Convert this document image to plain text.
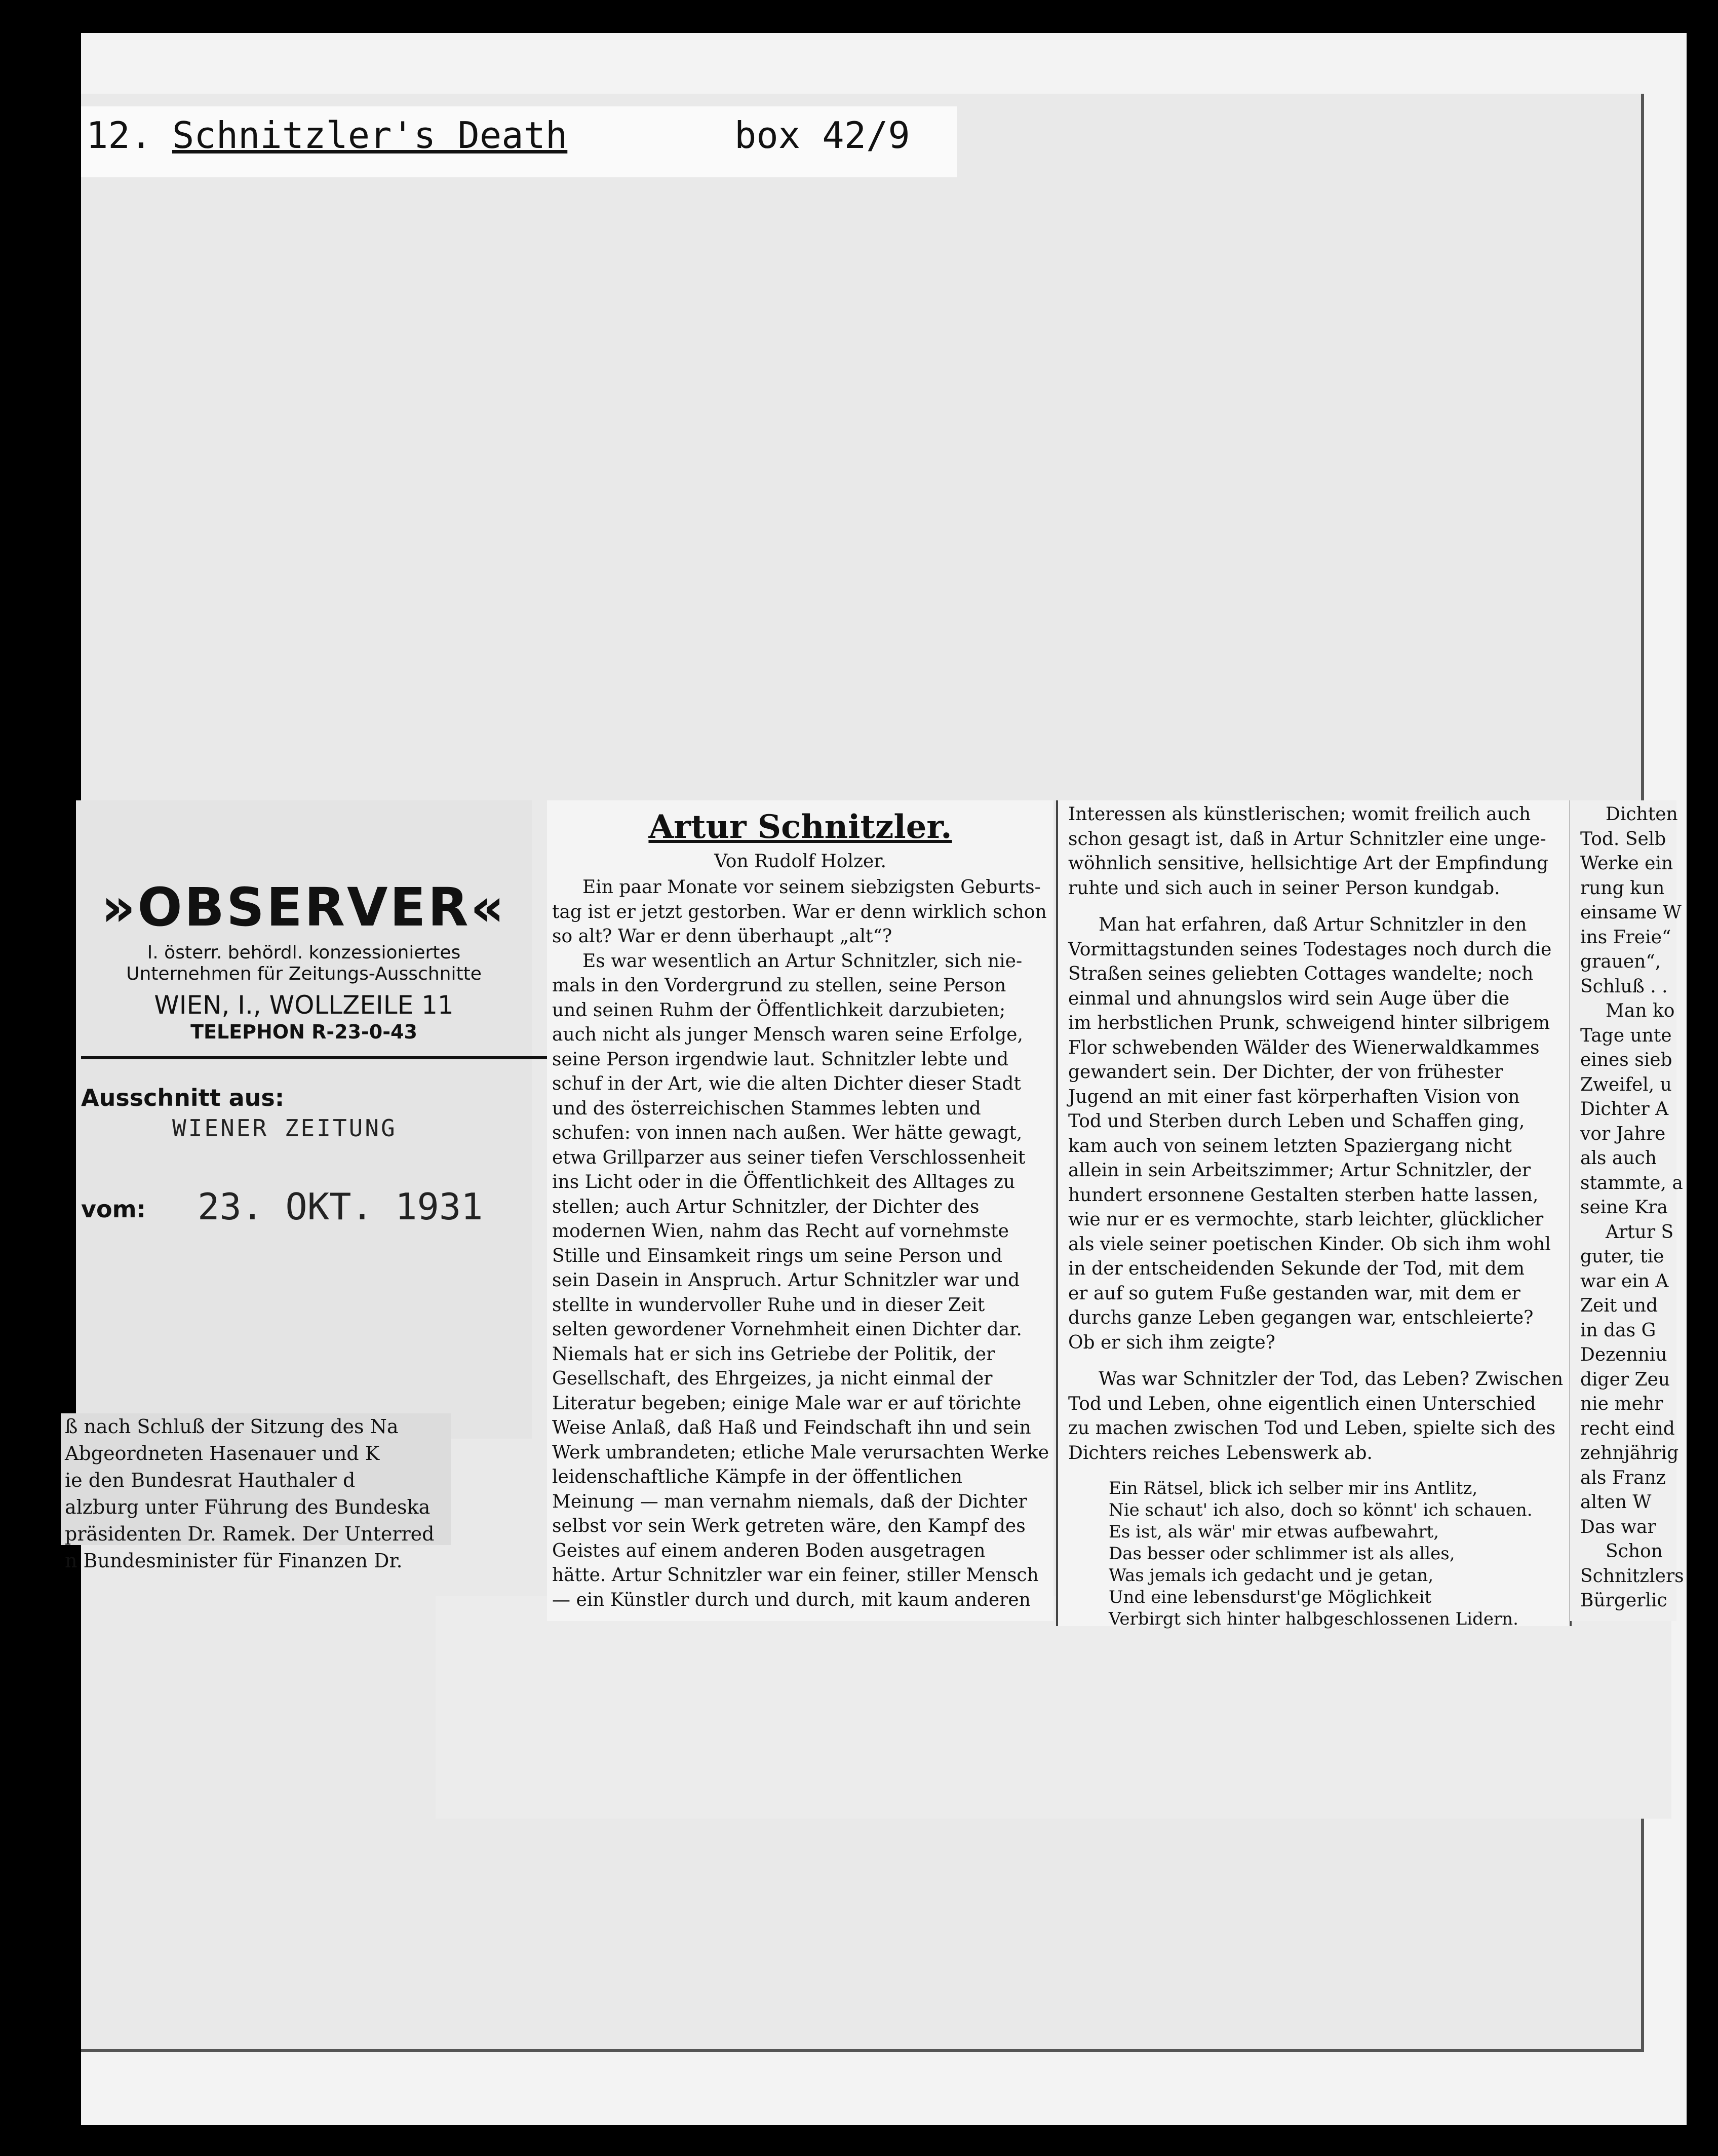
12. Schnitzler's Death	box 42/9
»OBSERVER«
I. österr. behördl. konzessioniertes
Unternehmen für Zeitungs-Ausschnitte
WIEN, I., WOLLZEILE 11
TELEPHON R-23-0-43
Ausschnitt aus:
WIENER ZEITUNG
vom: 23. OKT. 1931
ß nach Schluß der Sitzung des Na
Abgeordneten Hasenauer und K
ie den Bundesrat Hauthaler d
alzburg unter Führung des Bundeska
präsidenten Dr. Ramek. Der Unterred
n Bundesminister für Finanzen Dr.
Artur Schnitzler.
Von Rudolf Holzer.
Ein paar Monate vor seinem siebzigsten Geburts-
tag ist er jetzt gestorben. War er denn wirklich schon
so alt? War er denn überhaupt „alt“?
Es war wesentlich an Artur Schnitzler, sich nie-
mals in den Vordergrund zu stellen, seine Person
und seinen Ruhm der Öffentlichkeit darzubieten;
auch nicht als junger Mensch waren seine Erfolge,
seine Person irgendwie laut. Schnitzler lebte und
schuf in der Art, wie die alten Dichter dieser Stadt
und des österreichischen Stammes lebten und
schufen: von innen nach außen. Wer hätte gewagt,
etwa Grillparzer aus seiner tiefen Verschlossenheit
ins Licht oder in die Öffentlichkeit des Alltages zu
stellen; auch Artur Schnitzler, der Dichter des
modernen Wien, nahm das Recht auf vornehmste
Stille und Einsamkeit rings um seine Person und
sein Dasein in Anspruch. Artur Schnitzler war und
stellte in wundervoller Ruhe und in dieser Zeit
selten gewordener Vornehmheit einen Dichter dar.
Niemals hat er sich ins Getriebe der Politik, der
Gesellschaft, des Ehrgeizes, ja nicht einmal der
Literatur begeben; einige Male war er auf törichte
Weise Anlaß, daß Haß und Feindschaft ihn und sein
Werk umbrandeten; etliche Male verursachten Werke
leidenschaftliche Kämpfe in der öffentlichen
Meinung — man vernahm niemals, daß der Dichter
selbst vor sein Werk getreten wäre, den Kampf des
Geistes auf einem anderen Boden ausgetragen
hätte. Artur Schnitzler war ein feiner, stiller Mensch
— ein Künstler durch und durch, mit kaum anderen
Interessen als künstlerischen; womit freilich auch
schon gesagt ist, daß in Artur Schnitzler eine unge-
wöhnlich sensitive, hellsichtige Art der Empfindung
ruhte und sich auch in seiner Person kundgab.
Man hat erfahren, daß Artur Schnitzler in den
Vormittagstunden seines Todestages noch durch die
Straßen seines geliebten Cottages wandelte; noch
einmal und ahnungslos wird sein Auge über die
im herbstlichen Prunk, schweigend hinter silbrigem
Flor schwebenden Wälder des Wienerwaldkammes
gewandert sein. Der Dichter, der von frühester
Jugend an mit einer fast körperhaften Vision von
Tod und Sterben durch Leben und Schaffen ging,
kam auch von seinem letzten Spaziergang nicht
allein in sein Arbeitszimmer; Artur Schnitzler, der
hundert ersonnene Gestalten sterben hatte lassen,
wie nur er es vermochte, starb leichter, glücklicher
als viele seiner poetischen Kinder. Ob sich ihm wohl
in der entscheidenden Sekunde der Tod, mit dem
er auf so gutem Fuße gestanden war, mit dem er
durchs ganze Leben gegangen war, entschleierte?
Ob er sich ihm zeigte?
Was war Schnitzler der Tod, das Leben? Zwischen
Tod und Leben, ohne eigentlich einen Unterschied
zu machen zwischen Tod und Leben, spielte sich des
Dichters reiches Lebenswerk ab.
Ein Rätsel, blick ich selber mir ins Antlitz,
Nie schaut' ich also, doch so könnt' ich schauen.
Es ist, als wär' mir etwas aufbewahrt,
Das besser oder schlimmer ist als alles,
Was jemals ich gedacht und je getan,
Und eine lebensdurst'ge Möglichkeit
Verbirgt sich hinter halbgeschlossenen Lidern.
Dichten
Tod. Selb
Werke ein
rung kun
einsame W
ins Freie“
grauen“,
Schluß . .
Man ko
Tage unte
eines sieb
Zweifel, u
Dichter A
vor Jahre
als auch
stammte, a
seine Kra
Artur S
guter, tie
war ein A
Zeit und
in das G
Dezenniu
diger Zeu
nie mehr
recht eind
zehnjährig
als Franz
alten W
Das war
Schon
Schnitzlers
Bürgerlic
